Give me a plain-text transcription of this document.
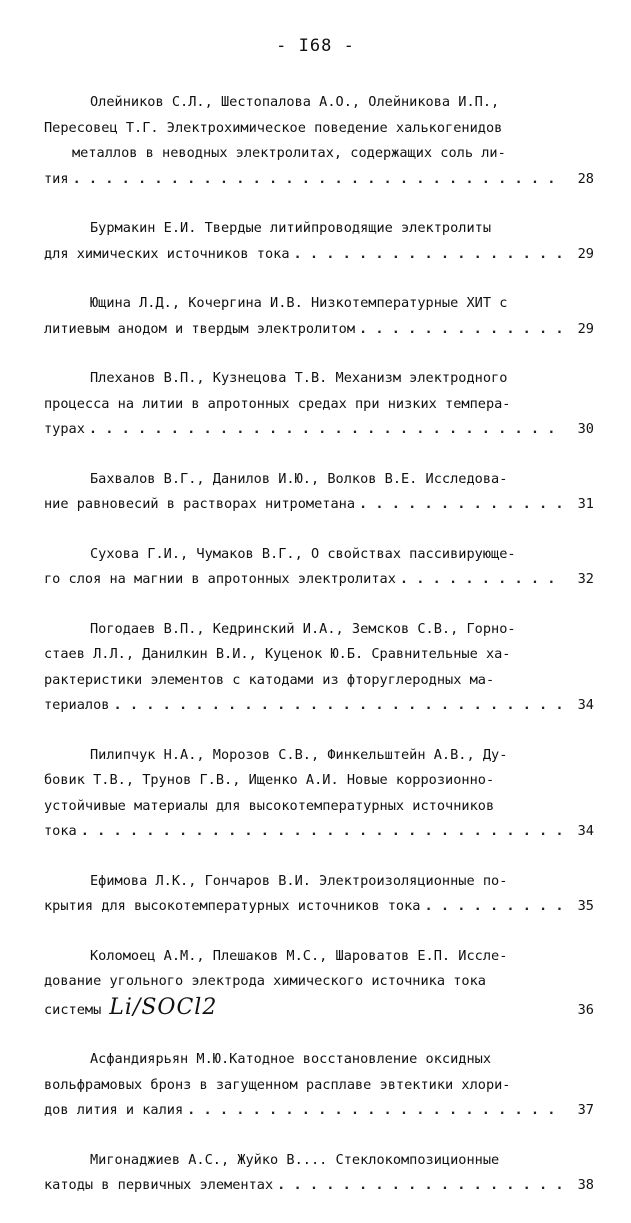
- I68 -
Олейников С.Л., Шестопалова А.О., Олейникова И.П.,
Пересовец Т.Г. Электрохимическое поведение халькогенидов
металлов в неводных электролитах, содержащих соль ли-
тия . . .	28
Бурмакин Е.И. Твердые литийпроводящие электролиты
для химических источников тока . . .	29
Ющина Л.Д., Кочергина И.В. Низкотемпературные ХИТ с
литиевым анодом и твердым электролитом . . .	29
Плеханов В.П., Кузнецова Т.В. Механизм электродного
процесса на литии в апротонных средах при низких темпера-
турах . . .	30
Бахвалов В.Г., Данилов И.Ю., Волков В.Е. Исследова-
ние равновесий в растворах нитрометана . . .	31
Сухова Г.И., Чумаков В.Г., О свойствах пассивирующе-
го слоя на магнии в апротонных электролитах . . .	32
Погодаев В.П., Кедринский И.А., Земсков С.В., Горно-
стаев Л.Л., Данилкин В.И., Куценок Ю.Б. Сравнительные ха-
рактеристики элементов с катодами из фторуглеродных ма-
териалов . . .	34
Пилипчук Н.А., Морозов С.В., Финкельштейн А.В., Ду-
бовик Т.В., Трунов Г.В., Ищенко А.И. Новые коррозионно-
устойчивые материалы для высокотемпературных источников
тока . . .	34
Ефимова Л.К., Гончаров В.И. Электроизоляционные по-
крытия для высокотемпературных источников тока . . .	35
Коломоец А.М., Плешаков М.С., Шароватов Е.П. Иссле-
дование угольного электрода химического источника тока
системы Li/SOCl2	36
Асфандиярьян М.Ю.Катодное восстановление оксидных
вольфрамовых бронз в загущенном расплаве эвтектики хлори-
дов лития и калия . . .	37
Мигонаджиев А.С., Жуйко В.... Стеклокомпозиционные
катоды в первичных элементах . . .	38
